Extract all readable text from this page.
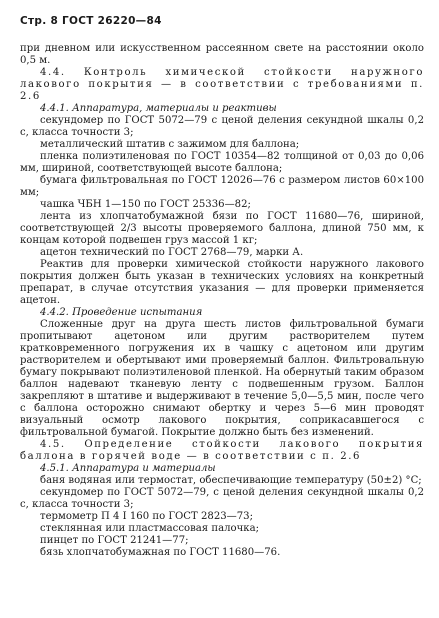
Стр. 8 ГОСТ 26220—84

при дневном или искусственном рассеянном свете на расстоянии около 0,5 м.

4.4. Контроль химической стойкости наружного лакового покрытия — в соответствии с требованиями п. 2.6

4.4.1. Аппаратура, материалы и реактивы

секундомер по ГОСТ 5072—79 с ценой деления секундной шкалы 0,2 с, класса точности 3;

металлический штатив с зажимом для баллона;

пленка полиэтиленовая по ГОСТ 10354—82 толщиной от 0,03 до 0,06 мм, шириной, соответствующей высоте баллона;

бумага фильтровальная по ГОСТ 12026—76 с размером листов 60×100 мм;

чашка ЧБН 1—150 по ГОСТ 25336—82;

лента из хлопчатобумажной бязи по ГОСТ 11680—76, шириной, соответствующей 2/3 высоты проверяемого баллона, длиной 750 мм, к концам которой подвешен груз массой 1 кг;

ацетон технический по ГОСТ 2768—79, марки А.

Реактив для проверки химической стойкости наружного лакового покрытия должен быть указан в технических условиях на конкретный препарат, в случае отсутствия указания — для проверки применяется ацетон.

4.4.2. Проведение испытания

Сложенные друг на друга шесть листов фильтровальной бумаги пропитывают ацетоном или другим растворителем путем кратковременного погружения их в чашку с ацетоном или другим растворителем и обертывают ими проверяемый баллон. Фильтровальную бумагу покрывают полиэтиленовой пленкой. На обернутый таким образом баллон надевают тканевую ленту с подвешенным грузом. Баллон закрепляют в штативе и выдерживают в течение 5,0—5,5 мин, после чего с баллона осторожно снимают обертку и через 5—6 мин проводят визуальный осмотр лакового покрытия, соприкасавшегося с фильтровальной бумагой. Покрытие должно быть без изменений.

4.5. Определение стойкости лакового покрытия баллона в горячей воде — в соответствии с п. 2.6

4.5.1. Аппаратура и материалы

баня водяная или термостат, обеспечивающие температуру (50±2) °С;

секундомер по ГОСТ 5072—79, с ценой деления секундной шкалы 0,2 с, класса точности 3;

термометр П 4 I 160 по ГОСТ 2823—73;

стеклянная или пластмассовая палочка;

пинцет по ГОСТ 21241—77;

бязь хлопчатобумажная по ГОСТ 11680—76.
